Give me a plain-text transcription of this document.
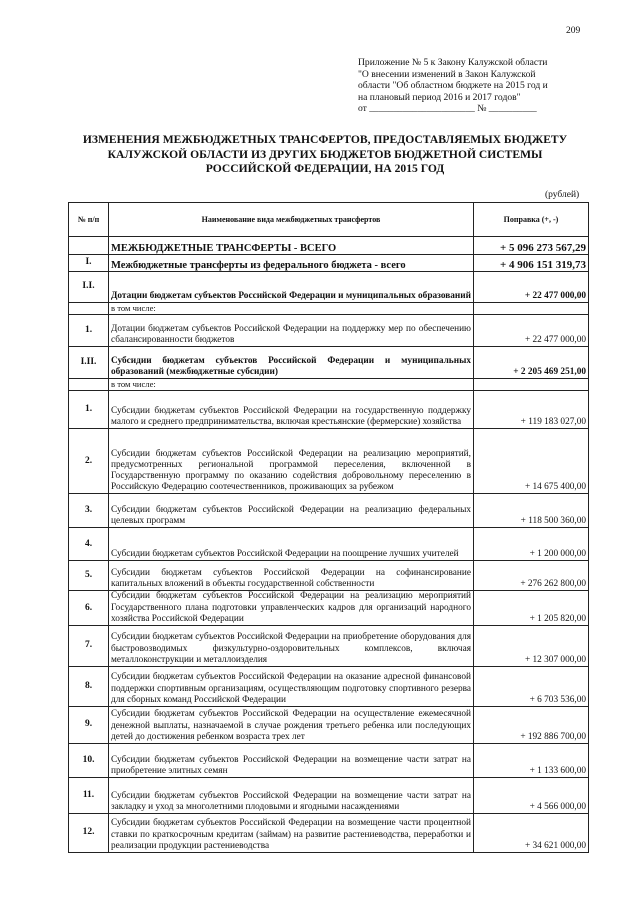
209
Приложение № 5 к Закону Калужской области
"О внесении изменений в Закон Калужской
области "Об областном бюджете на 2015 год и
на плановый период 2016 и 2017 годов"
от ______________________ № __________
ИЗМЕНЕНИЯ МЕЖБЮДЖЕТНЫХ ТРАНСФЕРТОВ, ПРЕДОСТАВЛЯЕМЫХ БЮДЖЕТУ
КАЛУЖСКОЙ ОБЛАСТИ ИЗ ДРУГИХ БЮДЖЕТОВ БЮДЖЕТНОЙ СИСТЕМЫ
РОССИЙСКОЙ ФЕДЕРАЦИИ, НА 2015 ГОД
(рублей)
№ п/п	Наименование вида межбюджетных трансфертов	Поправка (+, -)
	МЕЖБЮДЖЕТНЫЕ ТРАНСФЕРТЫ - ВСЕГО	+ 5 096 273 567,29
I.	Межбюджетные трансферты из федерального бюджета - всего	+ 4 906 151 319,73
I.I.	Дотации бюджетам субъектов Российской Федерации и муниципальных образований	+ 22 477 000,00
	в том числе:	
1.	Дотации бюджетам субъектов Российской Федерации на поддержку мер по обеспечению сбалансированности бюджетов	+ 22 477 000,00
I.II.	Субсидии бюджетам субъектов Российской Федерации и муниципальных образований (межбюджетные субсидии)	+ 2 205 469 251,00
	в том числе:	
1.	Субсидии бюджетам субъектов Российской Федерации на государственную поддержку малого и среднего предпринимательства, включая крестьянские (фермерские) хозяйства	+ 119 183 027,00
2.	Субсидии бюджетам субъектов Российской Федерации на реализацию мероприятий, предусмотренных региональной программой переселения, включенной в Государственную программу по оказанию содействия добровольному переселению в Российскую Федерацию соотечественников, проживающих за рубежом	+ 14 675 400,00
3.	Субсидии бюджетам субъектов Российской Федерации на реализацию федеральных целевых программ	+ 118 500 360,00
4.	Субсидии бюджетам субъектов Российской Федерации на поощрение лучших учителей	+ 1 200 000,00
5.	Субсидии бюджетам субъектов Российской Федерации на софинансирование капитальных вложений в объекты государственной собственности	+ 276 262 800,00
6.	Субсидии бюджетам субъектов Российской Федерации на реализацию мероприятий Государственного плана подготовки управленческих кадров для организаций народного хозяйства Российской Федерации	+ 1 205 820,00
7.	Субсидии бюджетам субъектов Российской Федерации на приобретение оборудования для быстровозводимых физкультурно-оздоровительных комплексов, включая металлоконструкции и металлоизделия	+ 12 307 000,00
8.	Субсидии бюджетам субъектов Российской Федерации на оказание адресной финансовой поддержки спортивным организациям, осуществляющим подготовку спортивного резерва для сборных команд Российской Федерации	+ 6 703 536,00
9.	Субсидии бюджетам субъектов Российской Федерации на осуществление ежемесячной денежной выплаты, назначаемой в случае рождения третьего ребенка или последующих детей до достижения ребенком возраста трех лет	+ 192 886 700,00
10.	Субсидии бюджетам субъектов Российской Федерации на возмещение части затрат на приобретение элитных семян	+ 1 133 600,00
11.	Субсидии бюджетам субъектов Российской Федерации на возмещение части затрат на закладку и уход за многолетними плодовыми и ягодными насаждениями	+ 4 566 000,00
12.	Субсидии бюджетам субъектов Российской Федерации на возмещение части процентной ставки по краткосрочным кредитам (займам) на развитие растениеводства, переработки и реализации продукции растениеводства	+ 34 621 000,00
